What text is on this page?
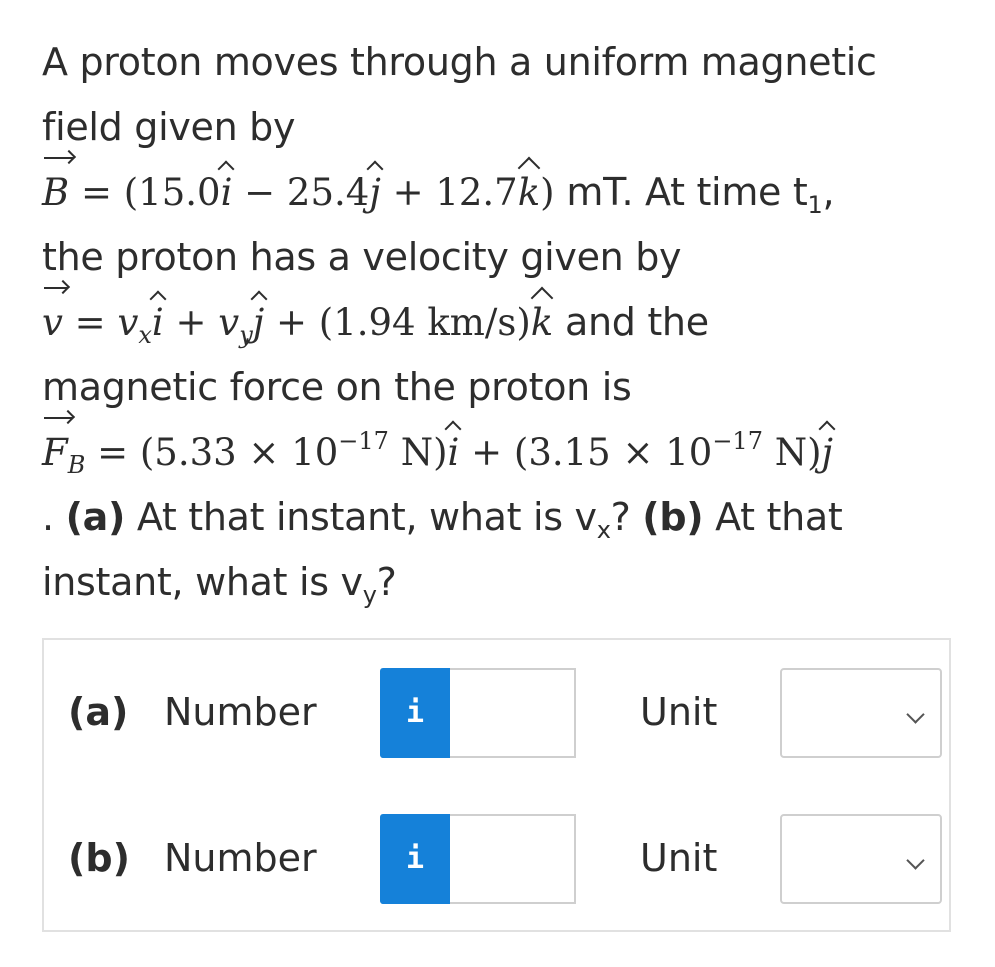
A proton moves through a uniform magnetic
field given by
B = (15.0i − 25.4j + 12.7k) mT. At time $t_1$,
the proton has a velocity given by
$v = v_xi + v_yj + (1.94$ km/s)k and the
magnetic force on the proton is
$F_B = (5.33 \times 10^{-17}$ $N)i + (3.15 \times 10^{-17}$ N)j
. (a) At that instant, what is $v_x$? (b) At that
instant, what is $v_y$?
(a) Number	i	Unit
(b) Number	i	Unit
